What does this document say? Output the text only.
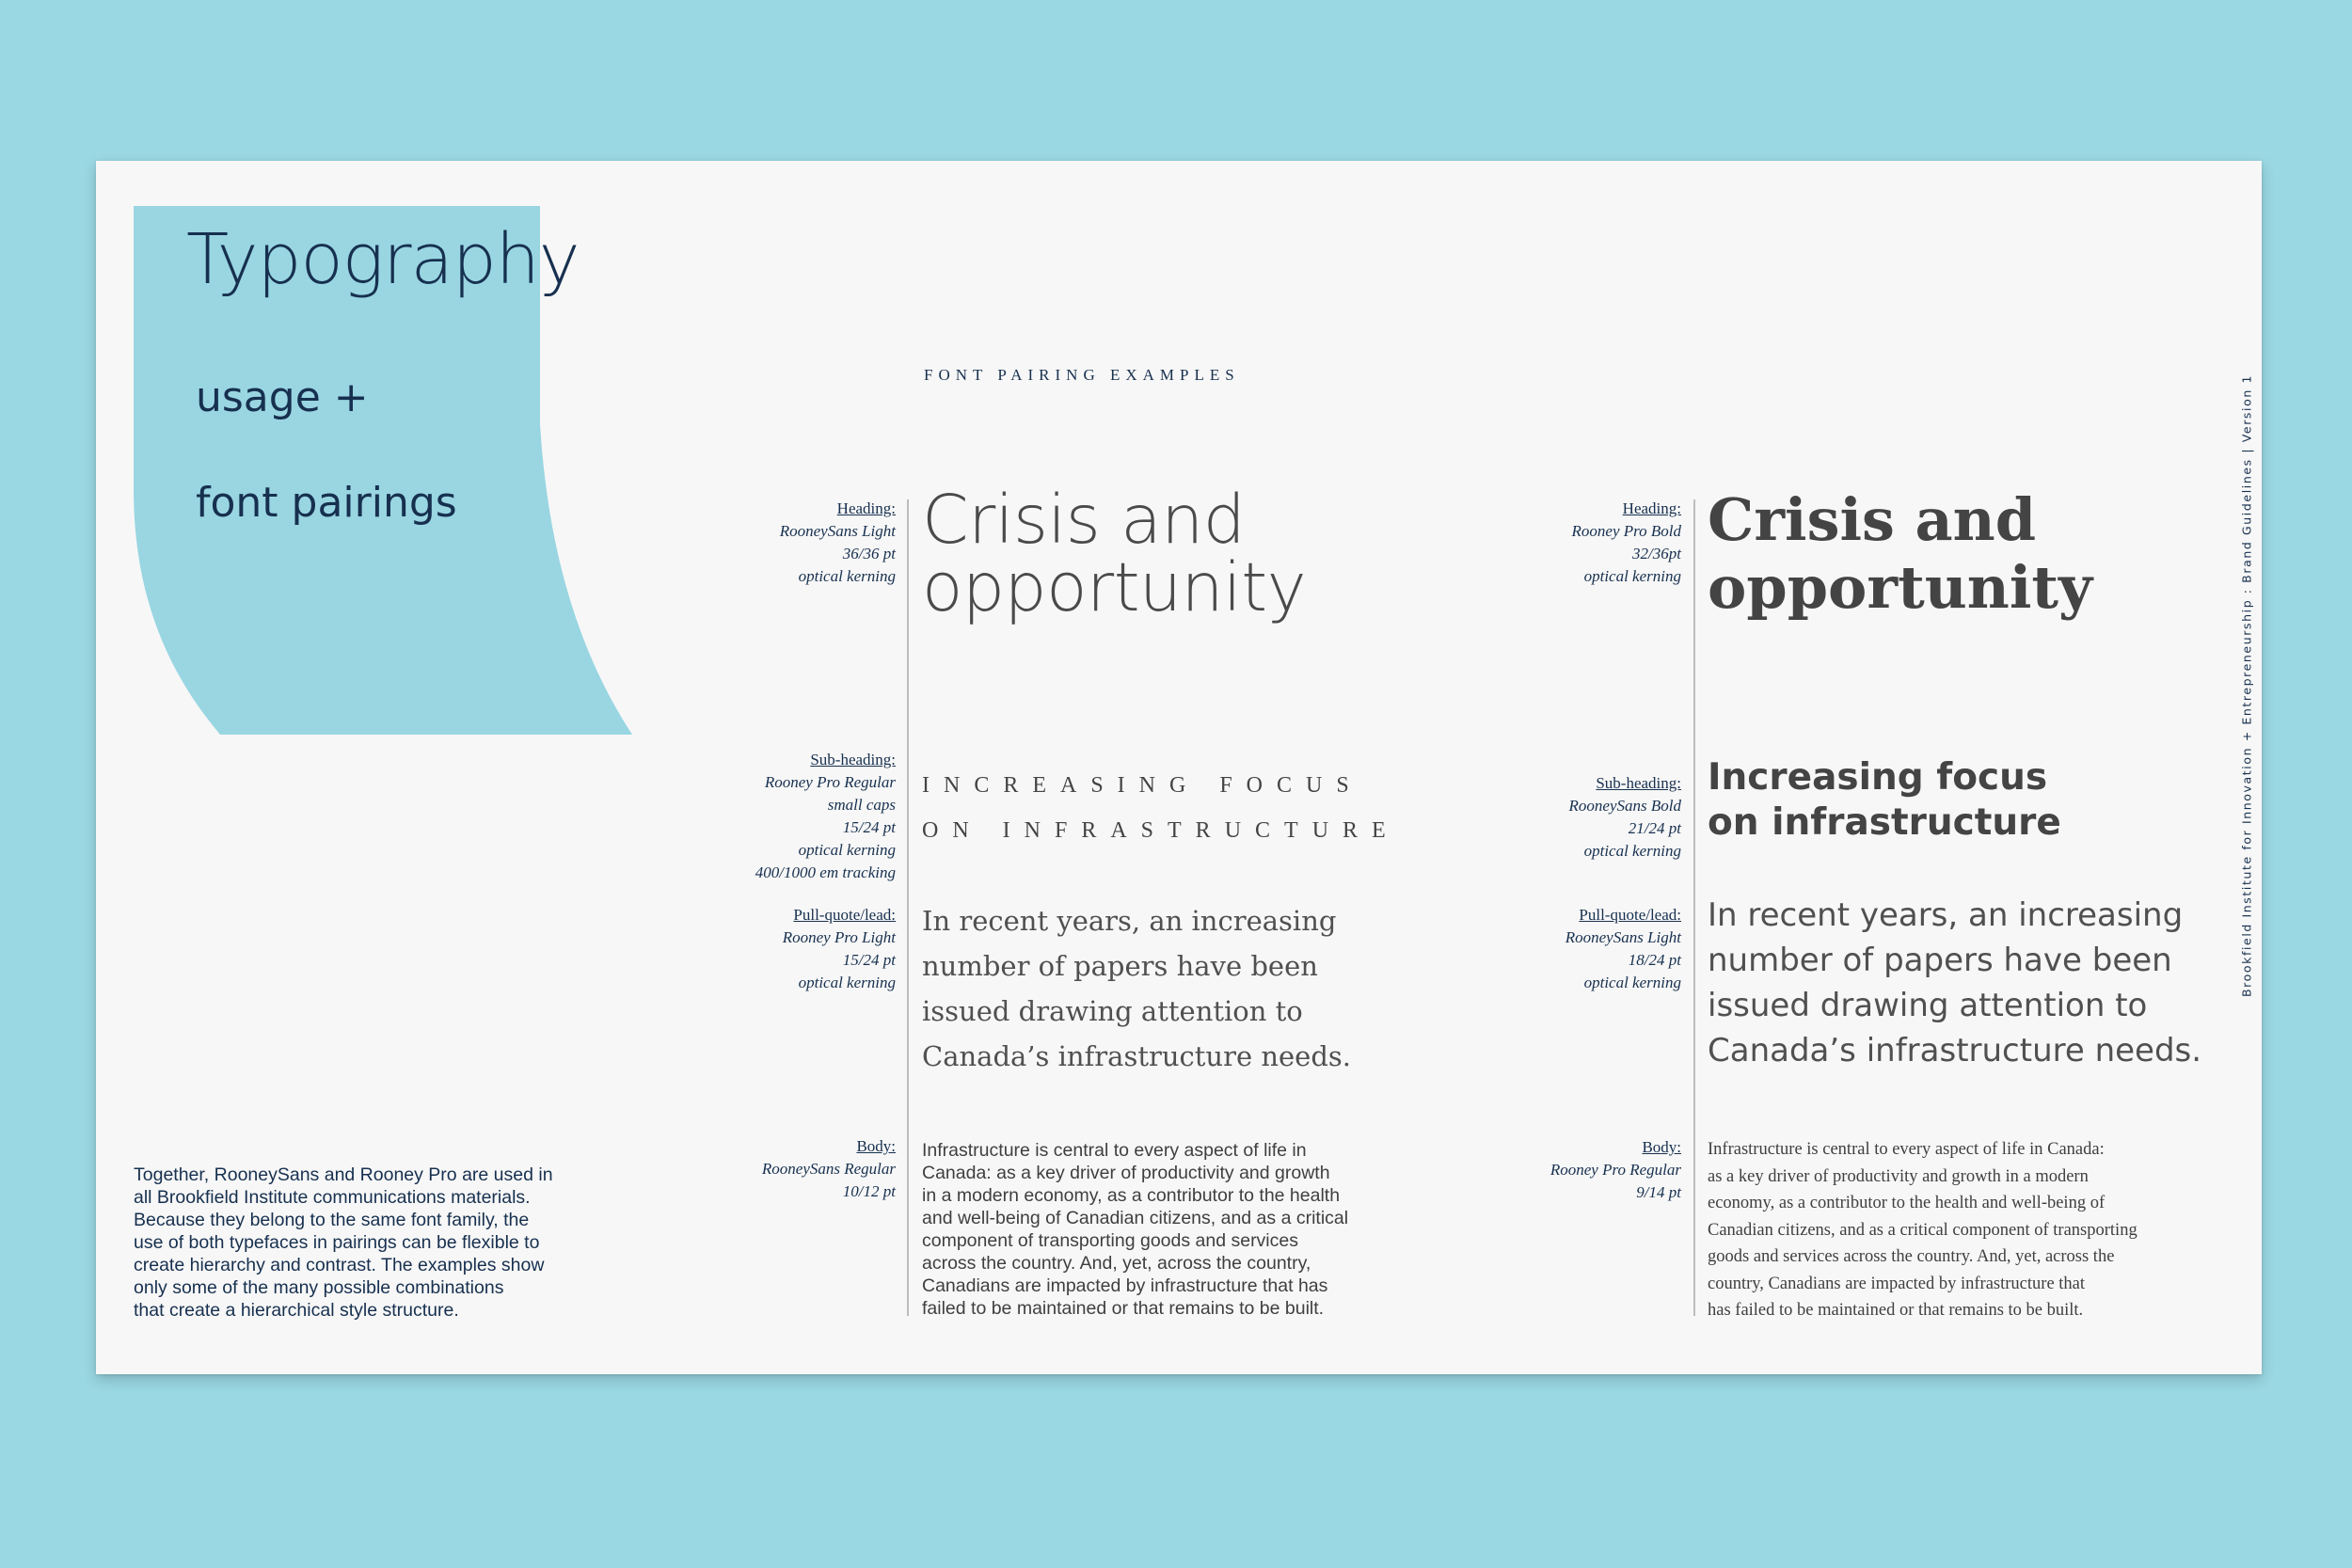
Typography

usage +

font pairings

Together, RooneySans and Rooney Pro are used in
all Brookfield Institute communications materials.
Because they belong to the same font family, the
use of both typefaces in pairings can be flexible to
create hierarchy and contrast. The examples show
only some of the many possible combinations
that create a hierarchical style structure.
FONT PAIRING EXAMPLES
Heading:
RooneySans Light
36/36 pt
optical kerning
Crisis and
opportunity
Sub-heading:
Rooney Pro Regular
small caps
15/24 pt
optical kerning
400/1000 em tracking
INCREASING FOCUS
ON INFRASTRUCTURE
Pull-quote/lead:
Rooney Pro Light
15/24 pt
optical kerning
In recent years, an increasing
number of papers have been
issued drawing attention to
Canada’s infrastructure needs.
Body:
RooneySans Regular
10/12 pt
Infrastructure is central to every aspect of life in
Canada: as a key driver of productivity and growth
in a modern economy, as a contributor to the health
and well-being of Canadian citizens, and as a critical
component of transporting goods and services
across the country. And, yet, across the country,
Canadians are impacted by infrastructure that has
failed to be maintained or that remains to be built.
Heading:
Rooney Pro Bold
32/36pt
optical kerning
Crisis and
opportunity
Sub-heading:
RooneySans Bold
21/24 pt
optical kerning
Increasing focus
on infrastructure
Pull-quote/lead:
RooneySans Light
18/24 pt
optical kerning
In recent years, an increasing
number of papers have been
issued drawing attention to
Canada’s infrastructure needs.
Body:
Rooney Pro Regular
9/14 pt
Infrastructure is central to every aspect of life in Canada:
as a key driver of productivity and growth in a modern
economy, as a contributor to the health and well-being of
Canadian citizens, and as a critical component of transporting
goods and services across the country. And, yet, across the
country, Canadians are impacted by infrastructure that
has failed to be maintained or that remains to be built.
Brookfield Institute for Innovation + Entrepreneurship : Brand Guidelines | Version 1
